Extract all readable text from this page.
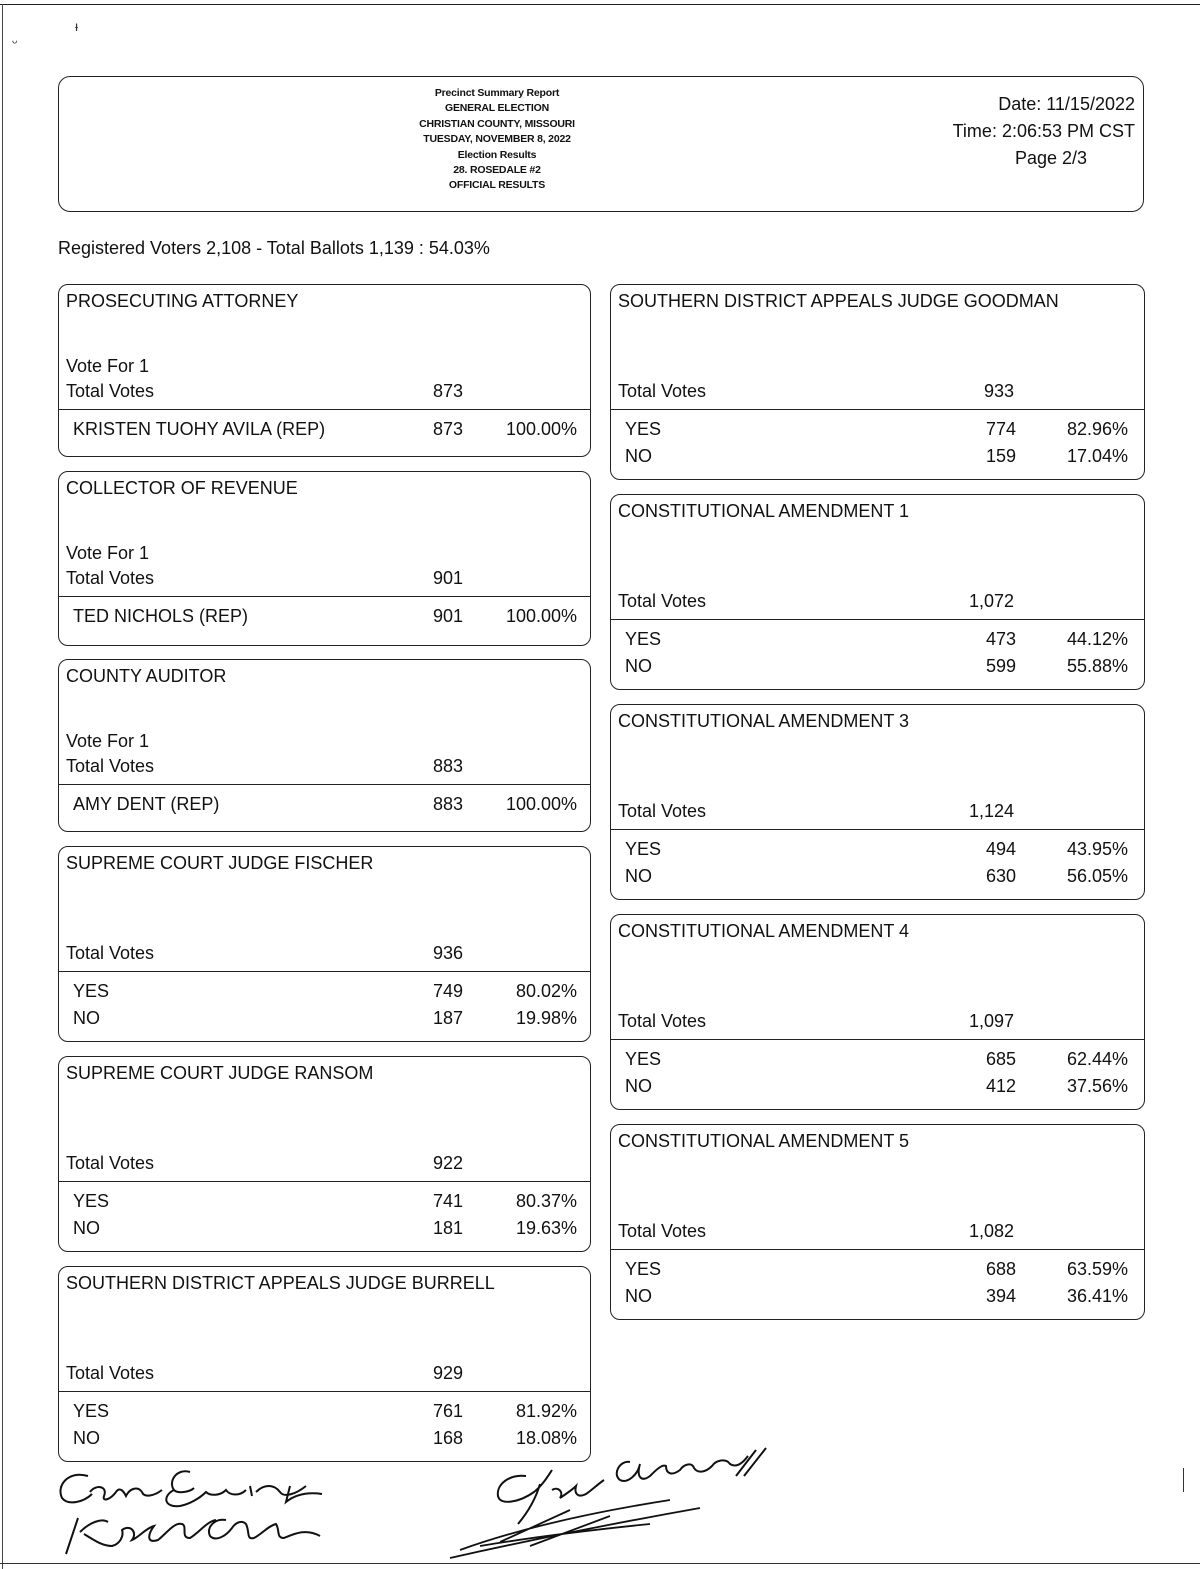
ᵼ
ᵕ
Precinct Summary Report
GENERAL ELECTION
CHRISTIAN COUNTY, MISSOURI
TUESDAY, NOVEMBER 8, 2022
Election Results
28. ROSEDALE #2
OFFICIAL RESULTS
Date: 11/15/2022
Time: 2:06:53 PM CST
Page 2/3
Registered Voters 2,108 - Total Ballots 1,139 : 54.03%
PROSECUTING ATTORNEY
Vote For 1
Total Votes	873
KRISTEN TUOHY AVILA (REP)	873	100.00%
COLLECTOR OF REVENUE
Vote For 1
Total Votes	901
TED NICHOLS (REP)	901	100.00%
COUNTY AUDITOR
Vote For 1
Total Votes	883
AMY DENT (REP)	883	100.00%
SUPREME COURT JUDGE FISCHER
Total Votes	936
YES	749	80.02%
NO	187	19.98%
SUPREME COURT JUDGE RANSOM
Total Votes	922
YES	741	80.37%
NO	181	19.63%
SOUTHERN DISTRICT APPEALS JUDGE BURRELL
Total Votes	929
YES	761	81.92%
NO	168	18.08%
SOUTHERN DISTRICT APPEALS JUDGE GOODMAN
Total Votes	933
YES	774	82.96%
NO	159	17.04%
CONSTITUTIONAL AMENDMENT 1
Total Votes	1,072
YES	473	44.12%
NO	599	55.88%
CONSTITUTIONAL AMENDMENT 3
Total Votes	1,124
YES	494	43.95%
NO	630	56.05%
CONSTITUTIONAL AMENDMENT 4
Total Votes	1,097
YES	685	62.44%
NO	412	37.56%
CONSTITUTIONAL AMENDMENT 5
Total Votes	1,082
YES	688	63.59%
NO	394	36.41%
